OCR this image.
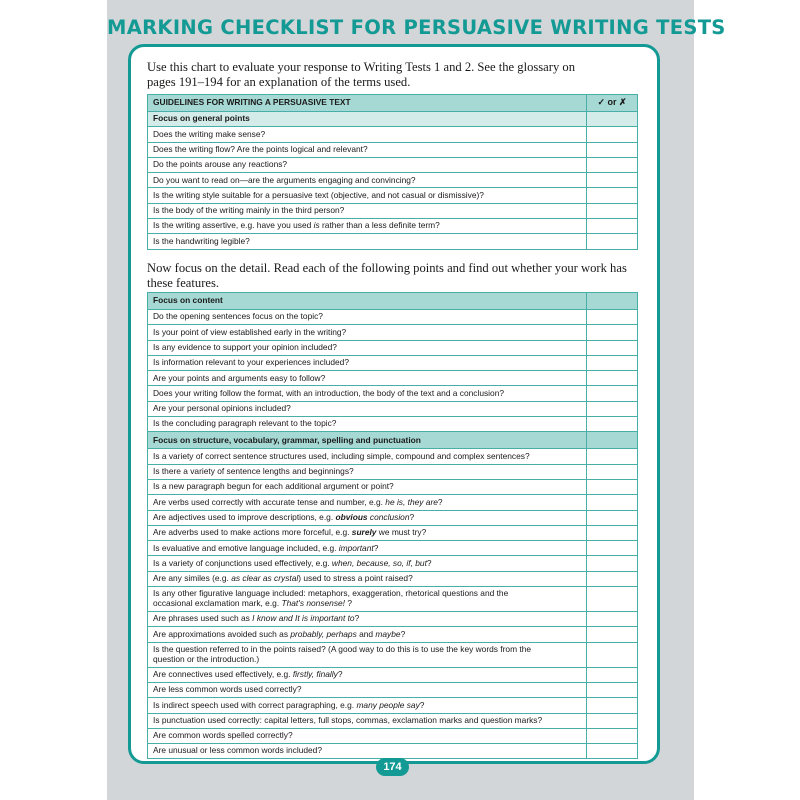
MARKING CHECKLIST FOR PERSUASIVE WRITING TESTS
Use this chart to evaluate your response to Writing Tests 1 and 2. See the glossary on
pages 191–194 for an explanation of the terms used.
GUIDELINES FOR WRITING A PERSUASIVE TEXT	✓ or ✗
Focus on general points	
Does the writing make sense?	
Does the writing flow? Are the points logical and relevant?	
Do the points arouse any reactions?	
Do you want to read on—are the arguments engaging and convincing?	
Is the writing style suitable for a persuasive text (objective, and not casual or dismissive)?	
Is the body of the writing mainly in the third person?	
Is the writing assertive, e.g. have you used is rather than a less definite term?	
Is the handwriting legible?	
Now focus on the detail. Read each of the following points and find out whether your work has
these features.
Focus on content	
Do the opening sentences focus on the topic?	
Is your point of view established early in the writing?	
Is any evidence to support your opinion included?	
Is information relevant to your experiences included?	
Are your points and arguments easy to follow?	
Does your writing follow the format, with an introduction, the body of the text and a conclusion?	
Are your personal opinions included?	
Is the concluding paragraph relevant to the topic?	
Focus on structure, vocabulary, grammar, spelling and punctuation	
Is a variety of correct sentence structures used, including simple, compound and complex sentences?	
Is there a variety of sentence lengths and beginnings?	
Is a new paragraph begun for each additional argument or point?	
Are verbs used correctly with accurate tense and number, e.g. he is, they are?	
Are adjectives used to improve descriptions, e.g. obvious conclusion?	
Are adverbs used to make actions more forceful, e.g. surely we must try?	
Is evaluative and emotive language included, e.g. important?	
Is a variety of conjunctions used effectively, e.g. when, because, so, if, but?	
Are any similes (e.g. as clear as crystal) used to stress a point raised?	
Is any other figurative language included: metaphors, exaggeration, rhetorical questions and the
occasional exclamation mark, e.g. That's nonsense! ?	
Are phrases used such as I know and It is important to?	
Are approximations avoided such as probably, perhaps and maybe?	
Is the question referred to in the points raised? (A good way to do this is to use the key words from the
question or the introduction.)	
Are connectives used effectively, e.g. firstly, finally?	
Are less common words used correctly?	
Is indirect speech used with correct paragraphing, e.g. many people say?	
Is punctuation used correctly: capital letters, full stops, commas, exclamation marks and question marks?	
Are common words spelled correctly?	
Are unusual or less common words included?	
174
